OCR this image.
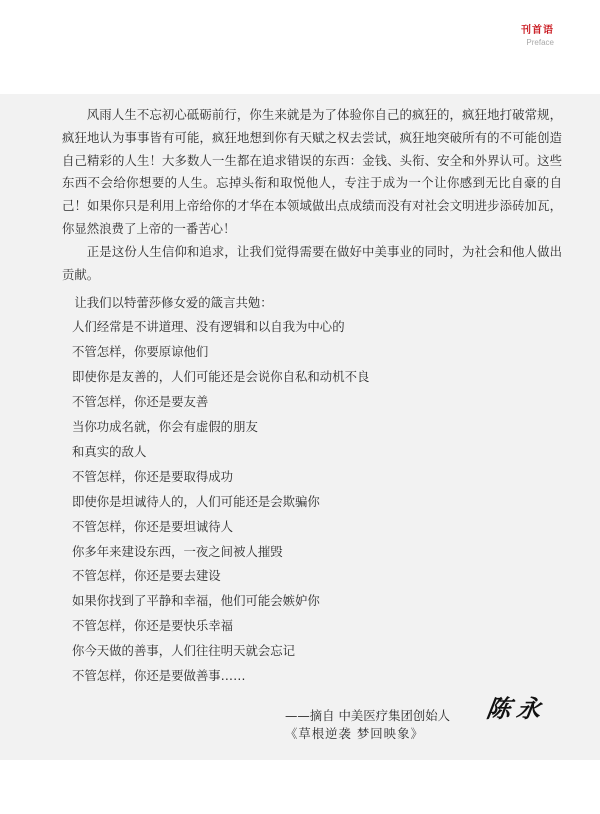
刊首语
Preface

风雨人生不忘初心砥砺前行，你生来就是为了体验你自己的疯狂的，疯狂地打破常规，疯狂地认为事事皆有可能，疯狂地想到你有天赋之权去尝试，疯狂地突破所有的不可能创造自己精彩的人生！大多数人一生都在追求错误的东西：金钱、头衔、安全和外界认可。这些东西不会给你想要的人生。忘掉头衔和取悦他人，专注于成为一个让你感到无比自豪的自己！如果你只是利用上帝给你的才华在本领域做出点成绩而没有对社会文明进步添砖加瓦，你显然浪费了上帝的一番苦心！

正是这份人生信仰和追求，让我们觉得需要在做好中美事业的同时，为社会和他人做出贡献。

让我们以特蕾莎修女爱的箴言共勉：

人们经常是不讲道理、没有逻辑和以自我为中心的
不管怎样，你要原谅他们
即使你是友善的，人们可能还是会说你自私和动机不良
不管怎样，你还是要友善
当你功成名就，你会有虚假的朋友
和真实的敌人
不管怎样，你还是要取得成功
即使你是坦诚待人的，人们可能还是会欺骗你
不管怎样，你还是要坦诚待人
你多年来建设东西，一夜之间被人摧毁
不管怎样，你还是要去建设
如果你找到了平静和幸福，他们可能会嫉妒你
不管怎样，你还是要快乐幸福
你今天做的善事，人们往往明天就会忘记
不管怎样，你还是要做善事……
——摘自 中美医疗集团创始人 陈永
《草根逆袭 梦回映象》
